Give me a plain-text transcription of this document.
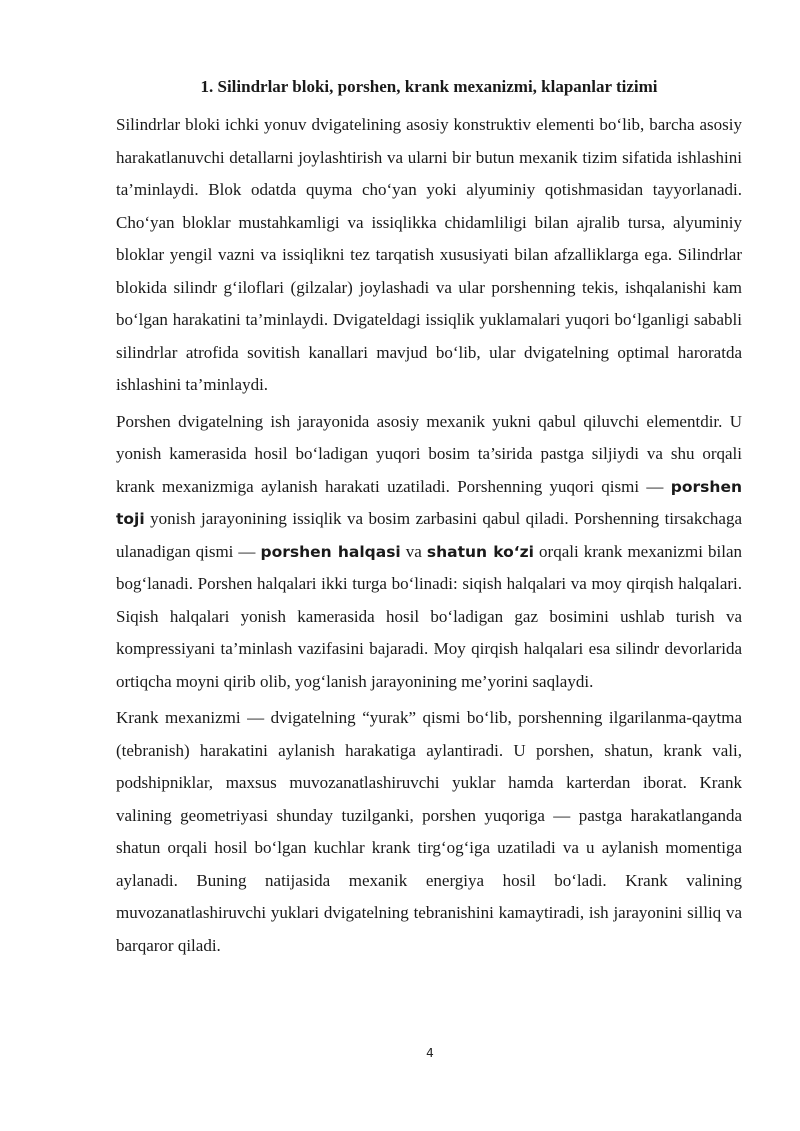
1. Silindrlar bloki, porshen, krank mexanizmi, klapanlar tizimi

Silindrlar bloki ichki yonuv dvigatelining asosiy konstruktiv elementi bo‘lib, barcha asosiy harakatlanuvchi detallarni joylashtirish va ularni bir butun mexanik tizim sifatida ishlashini ta’minlaydi. Blok odatda quyma cho‘yan yoki alyuminiy qotishmasidan tayyorlanadi. Cho‘yan bloklar mustahkamligi va issiqlikka chidamliligi bilan ajralib tursa, alyuminiy bloklar yengil vazni va issiqlikni tez tarqatish xususiyati bilan afzalliklarga ega. Silindrlar blokida silindr g‘iloflari (gilzalar) joylashadi va ular porshenning tekis, ishqalanishi kam bo‘lgan harakatini ta’minlaydi. Dvigateldagi issiqlik yuklamalari yuqori bo‘lganligi sababli silindrlar atrofida sovitish kanallari mavjud bo‘lib, ular dvigatelning optimal haroratda ishlashini ta’minlaydi.

Porshen dvigatelning ish jarayonida asosiy mexanik yukni qabul qiluvchi elementdir. U yonish kamerasida hosil bo‘ladigan yuqori bosim ta’sirida pastga siljiydi va shu orqali krank mexanizmiga aylanish harakati uzatiladi. Porshenning yuqori qismi — porshen toji yonish jarayonining issiqlik va bosim zarbasini qabul qiladi. Porshenning tirsakchaga ulanadigan qismi — porshen halqasi va shatun ko‘zi orqali krank mexanizmi bilan bog‘lanadi. Porshen halqalari ikki turga bo‘linadi: siqish halqalari va moy qirqish halqalari. Siqish halqalari yonish kamerasida hosil bo‘ladigan gaz bosimini ushlab turish va kompressiyani ta’minlash vazifasini bajaradi. Moy qirqish halqalari esa silindr devorlarida ortiqcha moyni qirib olib, yog‘lanish jarayonining me’yorini saqlaydi.

Krank mexanizmi — dvigatelning “yurak” qismi bo‘lib, porshenning ilgarilanma-qaytma (tebranish) harakatini aylanish harakatiga aylantiradi. U porshen, shatun, krank vali, podshipniklar, maxsus muvozanatlashiruvchi yuklar hamda karterdan iborat. Krank valining geometriyasi shunday tuzilganki, porshen yuqoriga — pastga harakatlanganda shatun orqali hosil bo‘lgan kuchlar krank tirg‘og‘iga uzatiladi va u aylanish momentiga aylanadi. Buning natijasida mexanik energiya hosil bo‘ladi. Krank valining muvozanatlashiruvchi yuklari dvigatelning tebranishini kamaytiradi, ish jarayonini silliq va barqaror qiladi.

4
